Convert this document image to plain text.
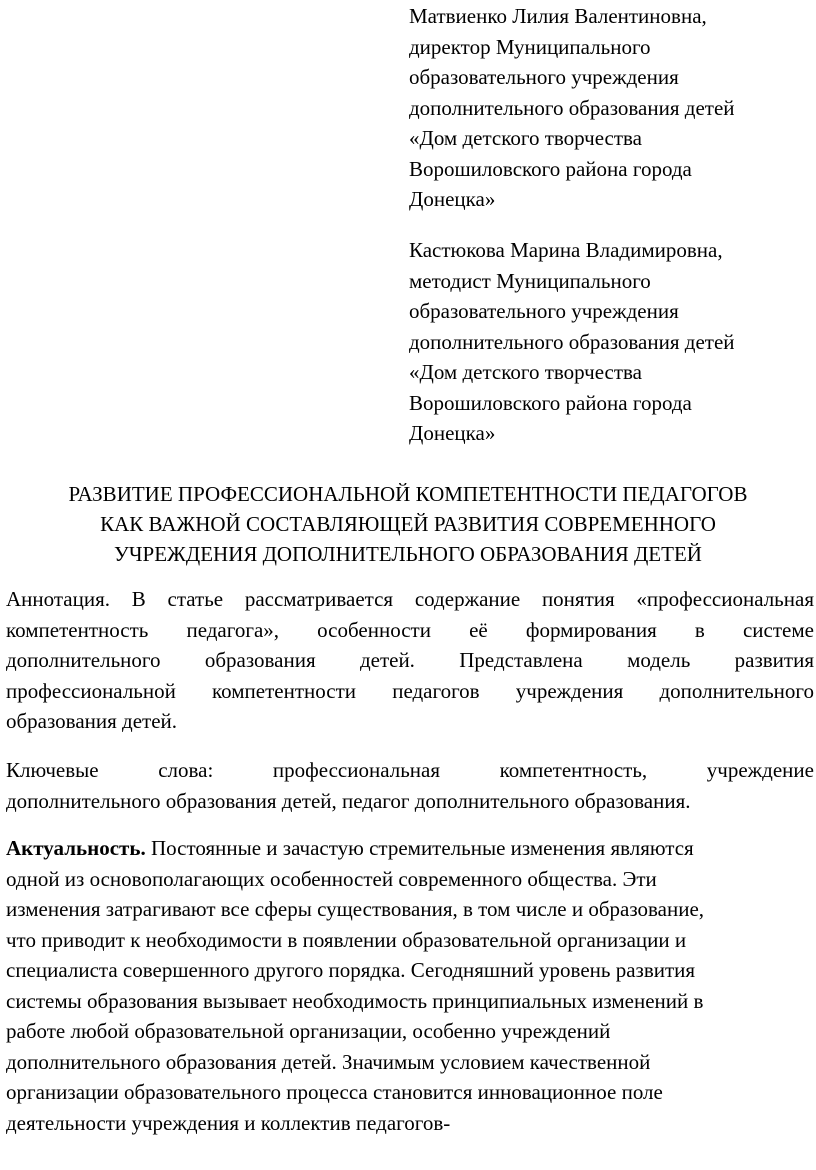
Матвиенко Лилия Валентиновна,
директор Муниципального
образовательного учреждения
дополнительного образования детей
«Дом детского творчества
Ворошиловского района города
Донецка»
Кастюкова Марина Владимировна,
методист Муниципального
образовательного учреждения
дополнительного образования детей
«Дом детского творчества
Ворошиловского района города
Донецка»
РАЗВИТИЕ ПРОФЕССИОНАЛЬНОЙ КОМПЕТЕНТНОСТИ ПЕДАГОГОВ
КАК ВАЖНОЙ СОСТАВЛЯЮЩЕЙ РАЗВИТИЯ СОВРЕМЕННОГО
УЧРЕЖДЕНИЯ ДОПОЛНИТЕЛЬНОГО ОБРАЗОВАНИЯ ДЕТЕЙ
Аннотация. В статье рассматривается содержание понятия «профессиональная
компетентность педагога», особенности её формирования в системе
дополнительного образования детей. Представлена модель развития
профессиональной компетентности педагогов учреждения дополнительного
образования детей.
Ключевые	слова:	профессиональная	компетентность,	учреждение
дополнительного образования детей, педагог дополнительного образования.
Актуальность. Постоянные и зачастую стремительные изменения являются
одной из основополагающих особенностей современного общества. Эти
изменения затрагивают все сферы существования, в том числе и образование,
что приводит к необходимости в появлении образовательной организации и
специалиста совершенного другого порядка. Сегодняшний уровень развития
системы образования вызывает необходимость принципиальных изменений в
работе любой образовательной организации, особенно учреждений
дополнительного образования детей. Значимым условием качественной
организации образовательного процесса становится инновационное поле
деятельности учреждения и коллектив педагогов-
